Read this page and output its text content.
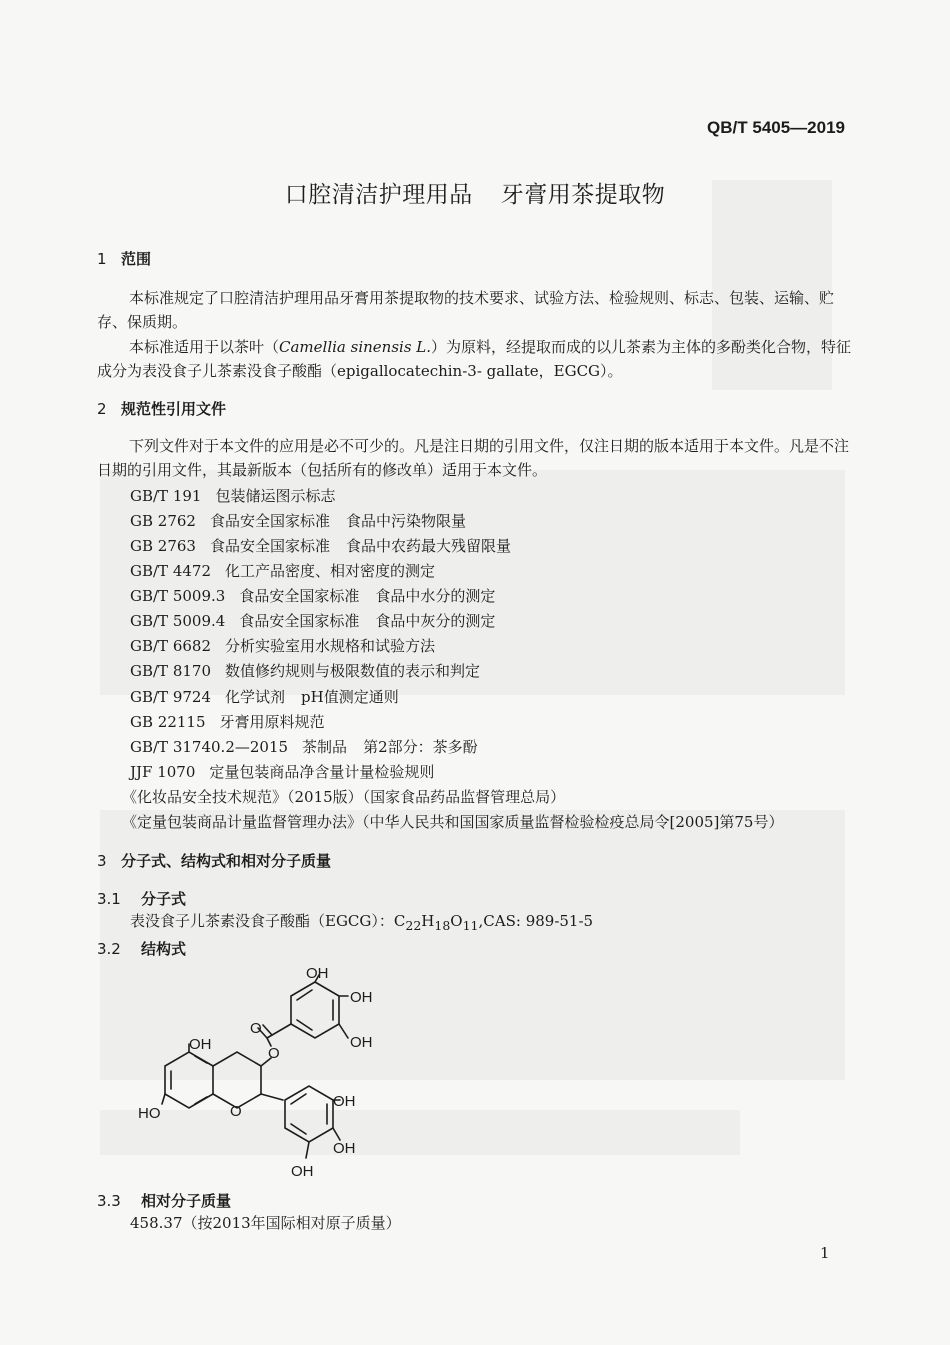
QB/T 5405—2019
口腔清洁护理用品 牙膏用茶提取物
1 范围
本标准规定了口腔清洁护理用品牙膏用茶提取物的技术要求、试验方法、检验规则、标志、包装、运输、贮存、保质期。
本标准适用于以茶叶（Camellia sinensis L.）为原料，经提取而成的以儿茶素为主体的多酚类化合物，特征成分为表没食子儿茶素没食子酸酯（epigallocatechin-3- gallate，EGCG）。
2 规范性引用文件
下列文件对于本文件的应用是必不可少的。凡是注日期的引用文件，仅注日期的版本适用于本文件。凡是不注日期的引用文件，其最新版本（包括所有的修改单）适用于本文件。
GB/T 191 包装储运图示标志
GB 2762 食品安全国家标准 食品中污染物限量
GB 2763 食品安全国家标准 食品中农药最大残留限量
GB/T 4472 化工产品密度、相对密度的测定
GB/T 5009.3 食品安全国家标准 食品中水分的测定
GB/T 5009.4 食品安全国家标准 食品中灰分的测定
GB/T 6682 分析实验室用水规格和试验方法
GB/T 8170 数值修约规则与极限数值的表示和判定
GB/T 9724 化学试剂 pH值测定通则
GB 22115 牙膏用原料规范
GB/T 31740.2—2015 茶制品 第2部分：茶多酚
JJF 1070 定量包装商品净含量计量检验规则
《化妆品安全技术规范》（2015版）（国家食品药品监督管理总局）
《定量包装商品计量监督管理办法》（中华人民共和国国家质量监督检验检疫总局令[2005]第75号）
3 分子式、结构式和相对分子质量
3.1 分子式
表没食子儿茶素没食子酸酯（EGCG）：$C_{22}H_{18}O_{11},CAS$: 989-51-5
3.2 结构式
OH
OH
OH
O
O
OH
O
HO
OH
OH
OH
3.3 相对分子质量
458.37（按2013年国际相对原子质量）
1
